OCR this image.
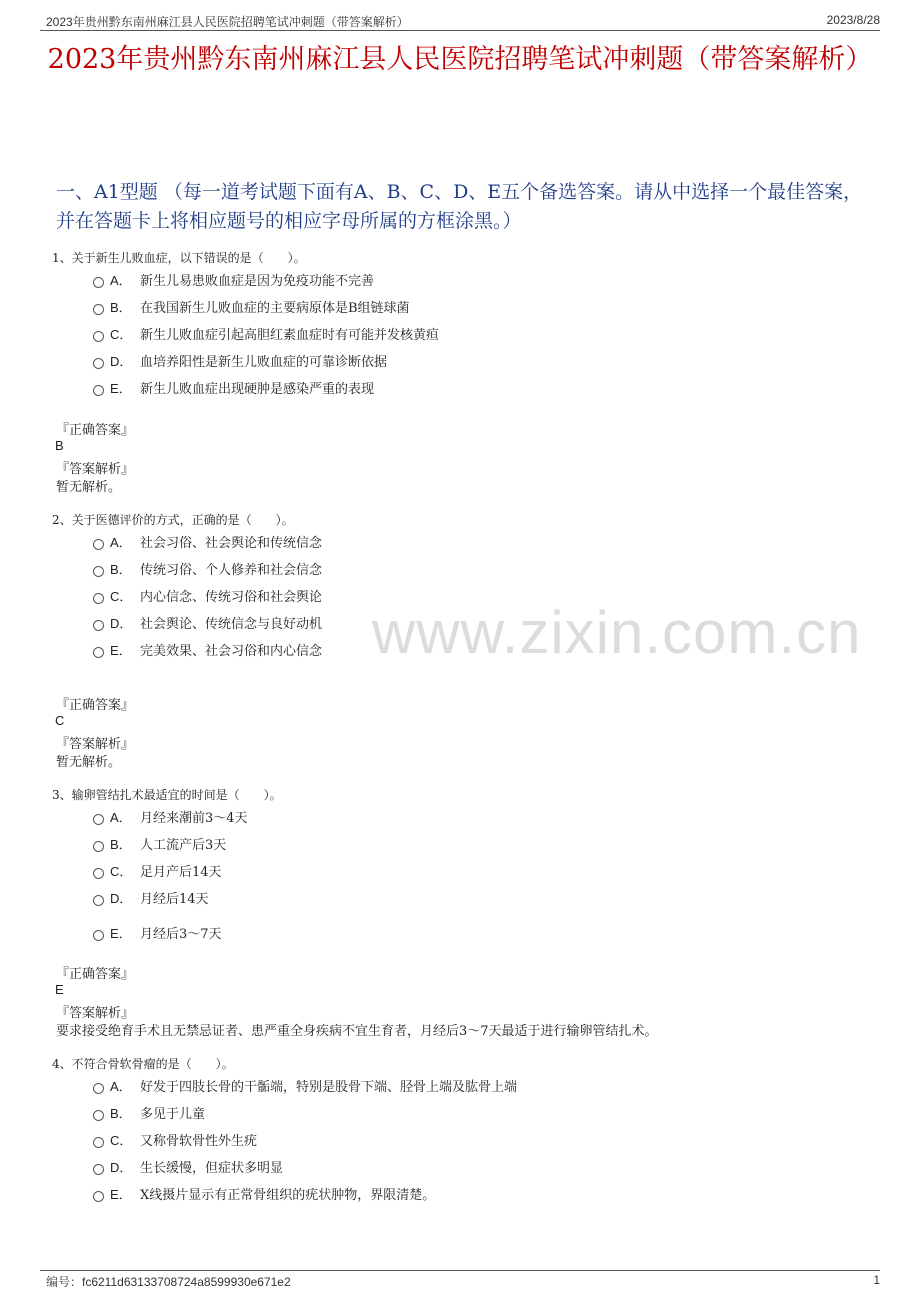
2023年贵州黔东南州麻江县人民医院招聘笔试冲刺题（带答案解析）	2023/8/28
2023年贵州黔东南州麻江县人民医院招聘笔试冲刺题（带答案解析）
一、A1型题 （每一道考试题下面有A、B、C、D、E五个备选答案。请从中选择一个最佳答案，并在答题卡上将相应题号的相应字母所属的方框涂黑。）
www.zixin.com.cn
1、关于新生儿败血症，以下错误的是（　　）。
A． 新生儿易患败血症是因为免疫功能不完善
B． 在我国新生儿败血症的主要病原体是B组链球菌
C． 新生儿败血症引起高胆红素血症时有可能并发核黄疸
D． 血培养阳性是新生儿败血症的可靠诊断依据
E． 新生儿败血症出现硬肿是感染严重的表现
『正确答案』
B
『答案解析』
暂无解析。
2、关于医德评价的方式，正确的是（　　）。
A． 社会习俗、社会舆论和传统信念
B． 传统习俗、个人修养和社会信念
C． 内心信念、传统习俗和社会舆论
D． 社会舆论、传统信念与良好动机
E． 完美效果、社会习俗和内心信念
『正确答案』
C
『答案解析』
暂无解析。
3、输卵管结扎术最适宜的时间是（　　）。
A． 月经来潮前3～4天
B． 人工流产后3天
C． 足月产后14天
D． 月经后14天
E． 月经后3～7天
『正确答案』
E
『答案解析』
要求接受绝育手术且无禁忌证者、患严重全身疾病不宜生育者，月经后3～7天最适于进行输卵管结扎术。
4、不符合骨软骨瘤的是（　　）。
A． 好发于四肢长骨的干骺端，特别是股骨下端、胫骨上端及肱骨上端
B． 多见于儿童
C． 又称骨软骨性外生疣
D． 生长缓慢，但症状多明显
E． X线摄片显示有正常骨组织的疣状肿物，界限清楚。
编号：fc6211d63133708724a8599930e671e2	1
